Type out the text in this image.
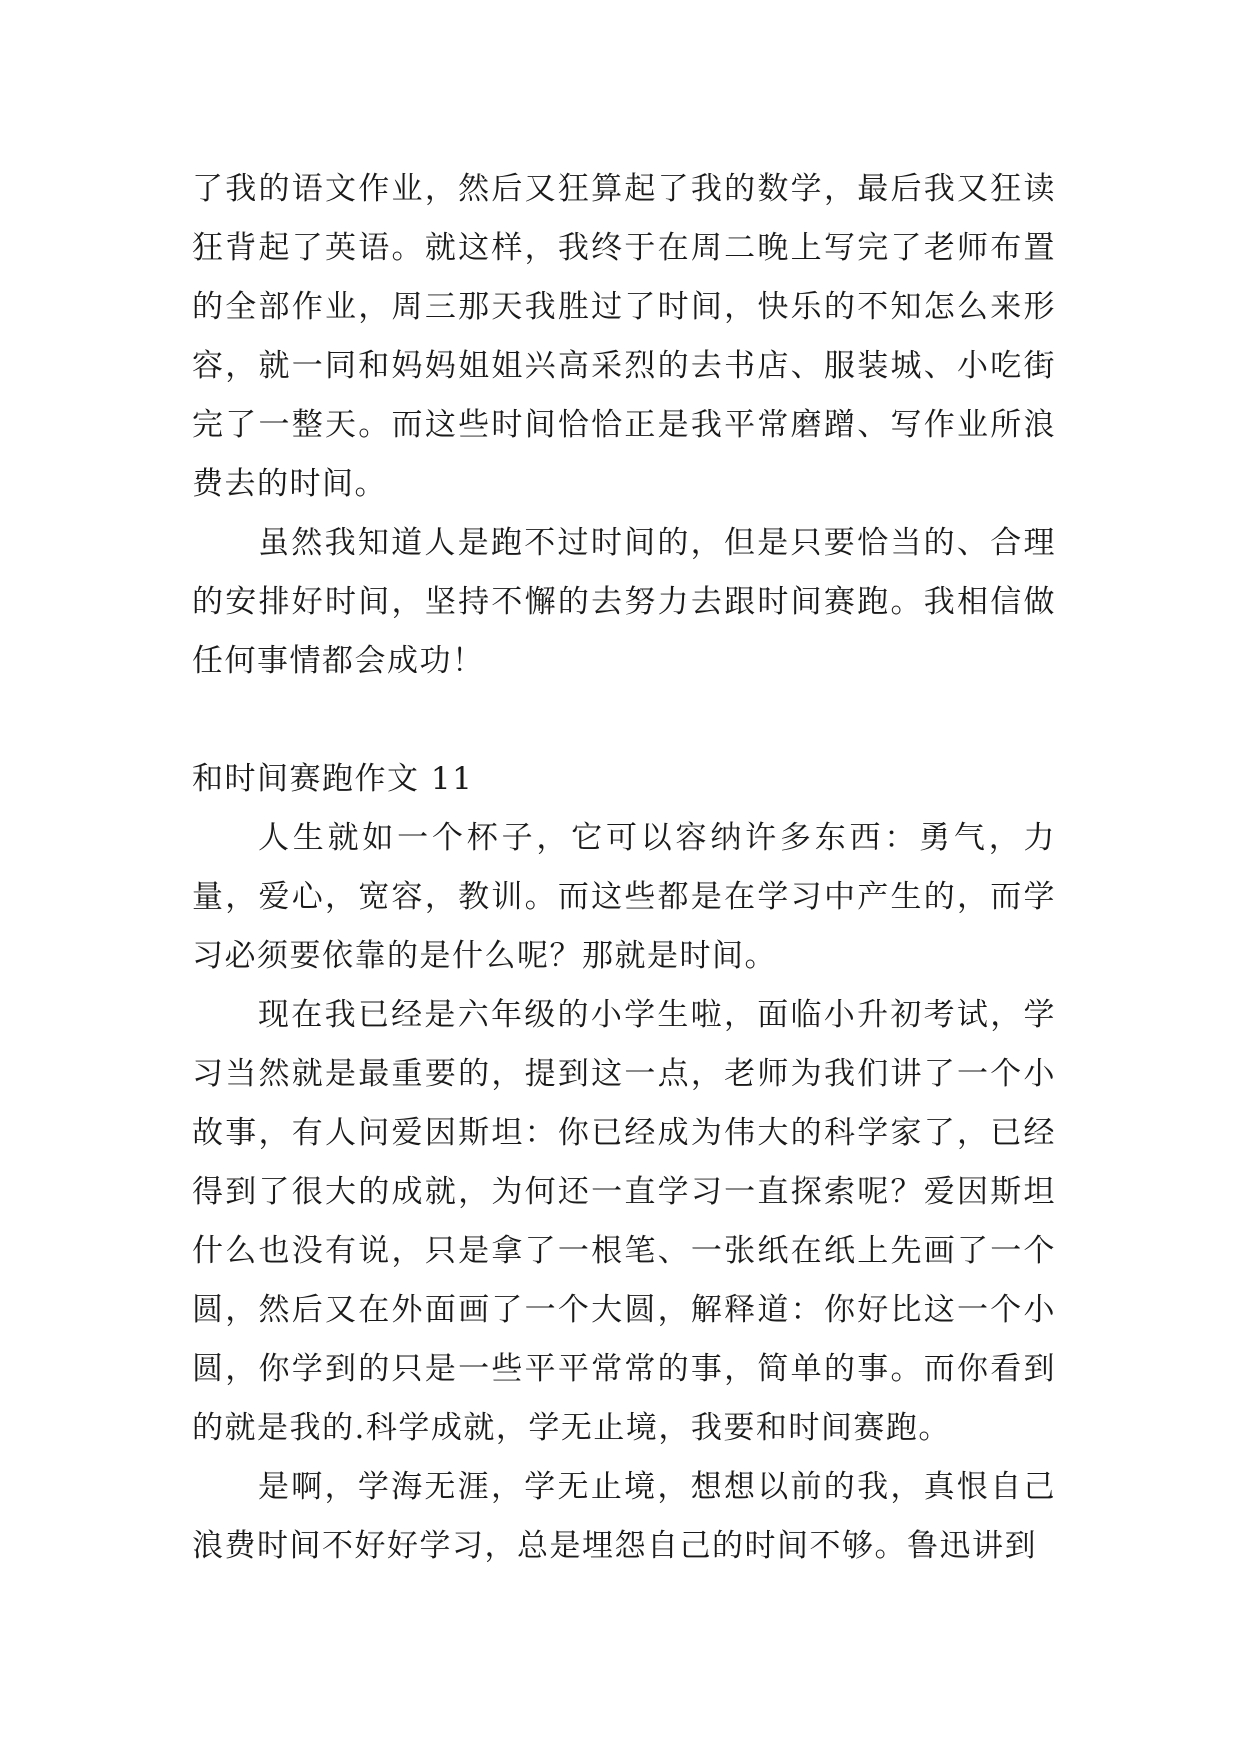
了我的语文作业，然后又狂算起了我的数学，最后我又狂读狂背起了英语。就这样，我终于在周二晚上写完了老师布置的全部作业，周三那天我胜过了时间，快乐的不知怎么来形容，就一同和妈妈姐姐兴高采烈的去书店、服装城、小吃街完了一整天。而这些时间恰恰正是我平常磨蹭、写作业所浪费去的时间。

虽然我知道人是跑不过时间的，但是只要恰当的、合理的安排好时间，坚持不懈的去努力去跟时间赛跑。我相信做任何事情都会成功！

和时间赛跑作文 11

人生就如一个杯子，它可以容纳许多东西：勇气，力量，爱心，宽容，教训。而这些都是在学习中产生的，而学习必须要依靠的是什么呢？那就是时间。

现在我已经是六年级的小学生啦，面临小升初考试，学习当然就是最重要的，提到这一点，老师为我们讲了一个小故事，有人问爱因斯坦：你已经成为伟大的科学家了，已经得到了很大的成就，为何还一直学习一直探索呢？爱因斯坦什么也没有说，只是拿了一根笔、一张纸在纸上先画了一个圆，然后又在外面画了一个大圆，解释道：你好比这一个小圆，你学到的只是一些平平常常的事，简单的事。而你看到的就是我的.科学成就，学无止境，我要和时间赛跑。

是啊，学海无涯，学无止境，想想以前的我，真恨自己浪费时间不好好学习，总是埋怨自己的时间不够。鲁迅讲到
